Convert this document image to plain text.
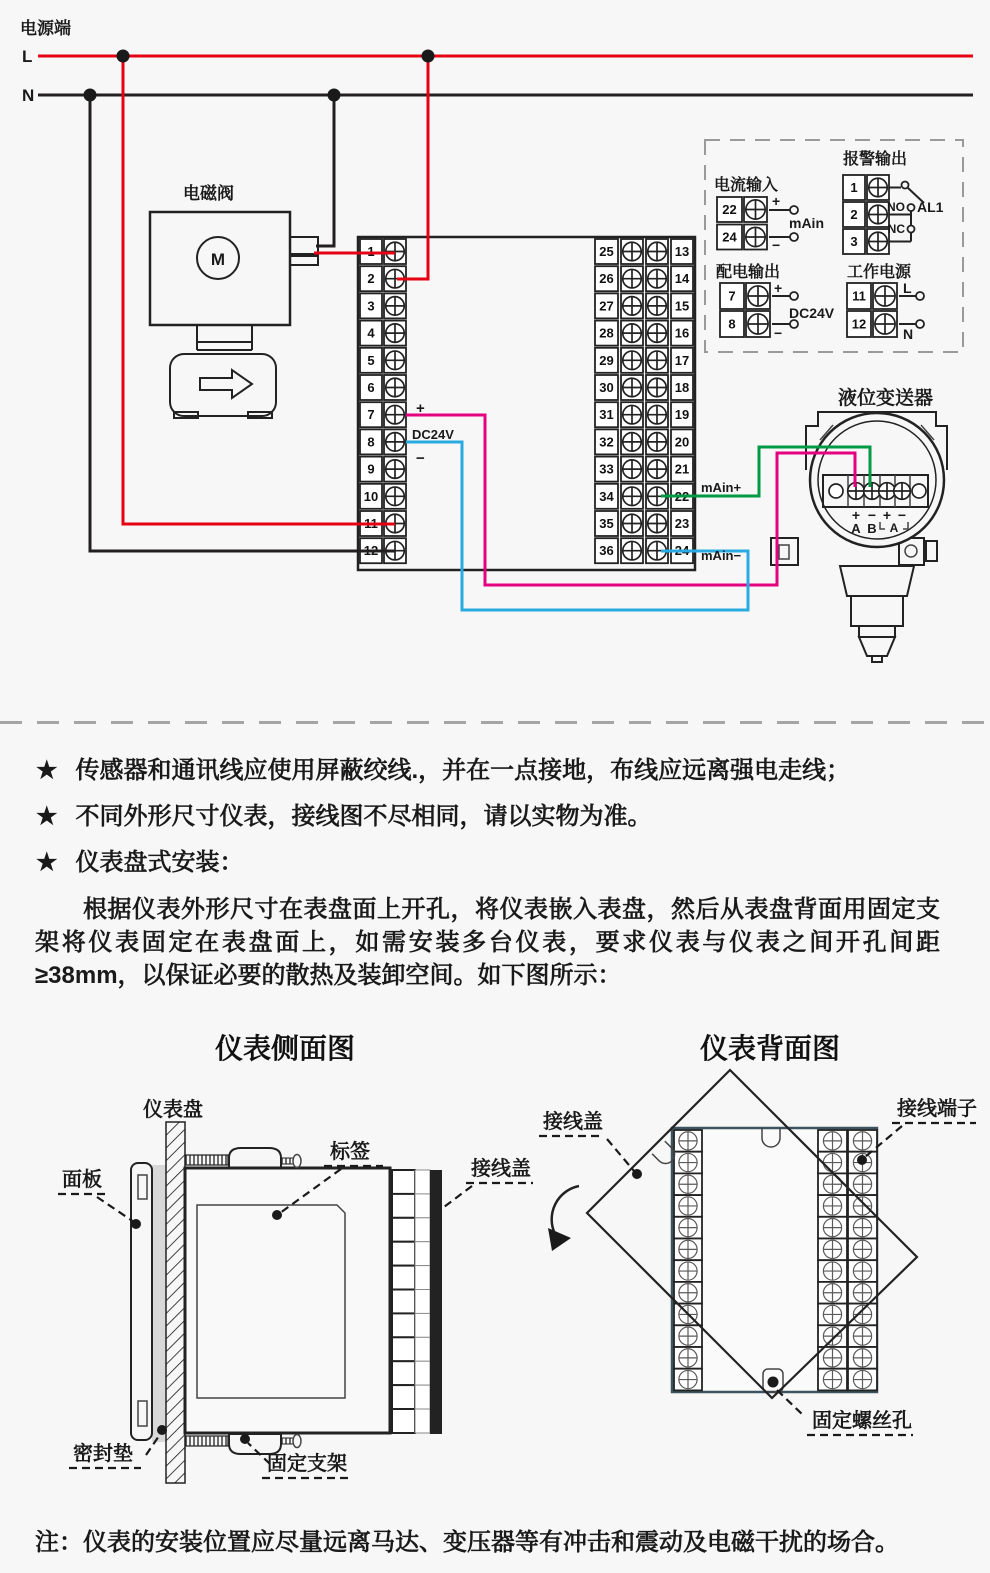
电源端
L
N
电磁阀
M	1
2
3
4
5
6
7
8
9
10
11
12
25
26
27
28
29
30
31
32
33
34
35
36
13
14
15
16
17
18
19
20
21
22
23
24
+
DC24V
−
电流输入
22
24
+
−
mAin
报警输出
1
2
3
NO
NC
AL1
配电输出
7
8
+
−
DC24V
工作电源
11
12
L
N
液位变送器
+ − + −
A B A
mAin+
mAin−
★ 传感器和通讯线应使用屏蔽绞线.，并在一点接地，布线应远离强电走线；
★ 不同外形尺寸仪表，接线图不尽相同，请以实物为准。
★ 仪表盘式安装：
根据仪表外形尺寸在表盘面上开孔，将仪表嵌入表盘，然后从表盘背面用固定支架将仪表固定在表盘面上，如需安装多台仪表，要求仪表与仪表之间开孔间距≥38mm，以保证必要的散热及装卸空间。如下图所示：
仪表侧面图
仪表盘
标签
接线盖
面板
密封垫	固定支架
仪表背面图
接线盖
接线端子
固定螺丝孔
注：仪表的安装位置应尽量远离马达、变压器等有冲击和震动及电磁干扰的场合。
